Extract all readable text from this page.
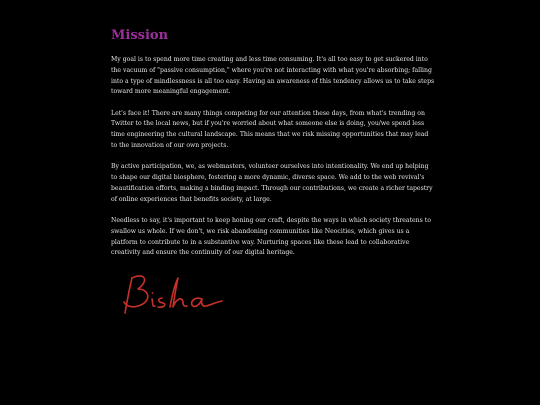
Mission

My goal is to spend more time creating and less time consuming. It's all too easy to get suckered into the vacuum of "passive consumption," where you're not interacting with what you're absorbing; falling into a type of mindlessness is all too easy. Having an awareness of this tendency allows us to take steps toward more meaningful engagement.

Let's face it! There are many things competing for our attention these days, from what's trending on Twitter to the local news, but if you're worried about what someone else is doing, you/we spend less time engineering the cultural landscape. This means that we risk missing opportunities that may lead to the innovation of our own projects.

By active participation, we, as webmasters, volunteer ourselves into intentionality. We end up helping to shape our digital biosphere, fostering a more dynamic, diverse space. We add to the web revival's beautification efforts, making a binding impact. Through our contributions, we create a richer tapestry of online experiences that benefits society, at large.

Needless to say, it's important to keep honing our craft, despite the ways in which society threatens to swallow us whole. If we don't, we risk abandoning communities like Neocities, which gives us a platform to contribute to in a substantive way. Nurturing spaces like these lead to collaborative creativity and ensure the continuity of our digital heritage.
